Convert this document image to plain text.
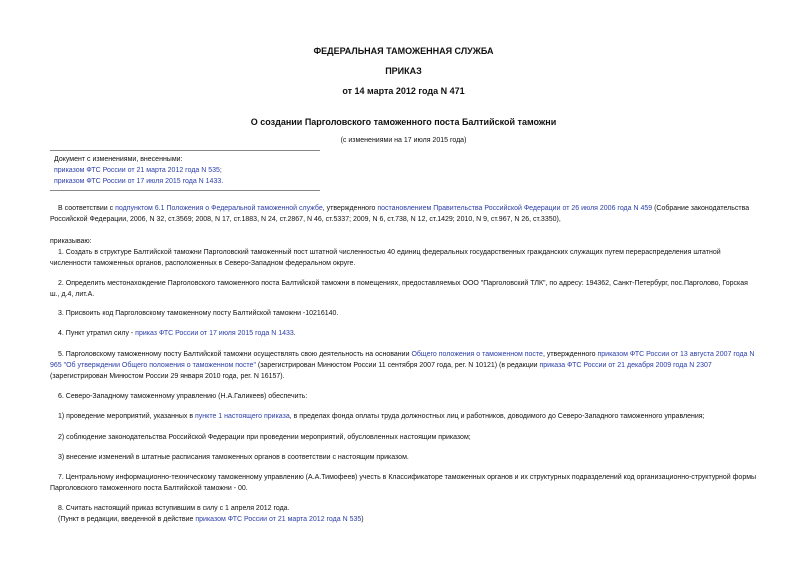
ФЕДЕРАЛЬНАЯ ТАМОЖЕННАЯ СЛУЖБА
ПРИКАЗ
от 14 марта 2012 года N 471
О создании Парголовского таможенного поста Балтийской таможни
(с изменениями на 17 июля 2015 года)
Документ с изменениями, внесенными:
приказом ФТС России от 21 марта 2012 года N 535;
приказом ФТС России от 17 июля 2015 года N 1433.
В соответствии с подпунктом 6.1 Положения о Федеральной таможенной службе, утвержденного постановлением Правительства Российской Федерации от 26 июля 2006 года N 459 (Собрание законодательства
Российской Федерации, 2006, N 32, ст.3569; 2008, N 17, ст.1883, N 24, ст.2867, N 46, ст.5337; 2009, N 6, ст.738, N 12, ст.1429; 2010, N 9, ст.967, N 26, ст.3350),
приказываю:
1. Создать в структуре Балтийской таможни Парголовский таможенный пост штатной численностью 40 единиц федеральных государственных гражданских служащих путем перераспределения штатной
численности таможенных органов, расположенных в Северо-Западном федеральном округе.
2. Определить местонахождение Парголовского таможенного поста Балтийской таможни в помещениях, предоставляемых ООО "Парголовский ТЛК", по адресу: 194362, Санкт-Петербург, пос.Парголово, Горская
ш., д.4, лит.А.
3. Присвоить код Парголовскому таможенному посту Балтийской таможни -10216140.
4. Пункт утратил силу - приказ ФТС России от 17 июля 2015 года N 1433.
5. Парголовскому таможенному посту Балтийской таможни осуществлять свою деятельность на основании Общего положения о таможенном посте, утвержденного приказом ФТС России от 13 августа 2007 года N
965 "Об утверждении Общего положения о таможенном посте" (зарегистрирован Минюстом России 11 сентября 2007 года, рег. N 10121) (в редакции приказа ФТС России от 21 декабря 2009 года N 2307
(зарегистрирован Минюстом России 29 января 2010 года, рег. N 16157).
6. Северо-Западному таможенному управлению (Н.А.Галикеев) обеспечить:
1) проведение мероприятий, указанных в пункте 1 настоящего приказа, в пределах фонда оплаты труда должностных лиц и работников, доводимого до Северо-Западного таможенного управления;
2) соблюдение законодательства Российской Федерации при проведении мероприятий, обусловленных настоящим приказом;
3) внесение изменений в штатные расписания таможенных органов в соответствии с настоящим приказом.
7. Центральному информационно-техническому таможенному управлению (А.А.Тимофеев) учесть в Классификаторе таможенных органов и их структурных подразделений код организационно-структурной формы
Парголовского таможенного поста Балтийской таможни - 00.
8. Считать настоящий приказ вступившим в силу с 1 апреля 2012 года.
(Пункт в редакции, введенной в действие приказом ФТС России от 21 марта 2012 года N 535)
